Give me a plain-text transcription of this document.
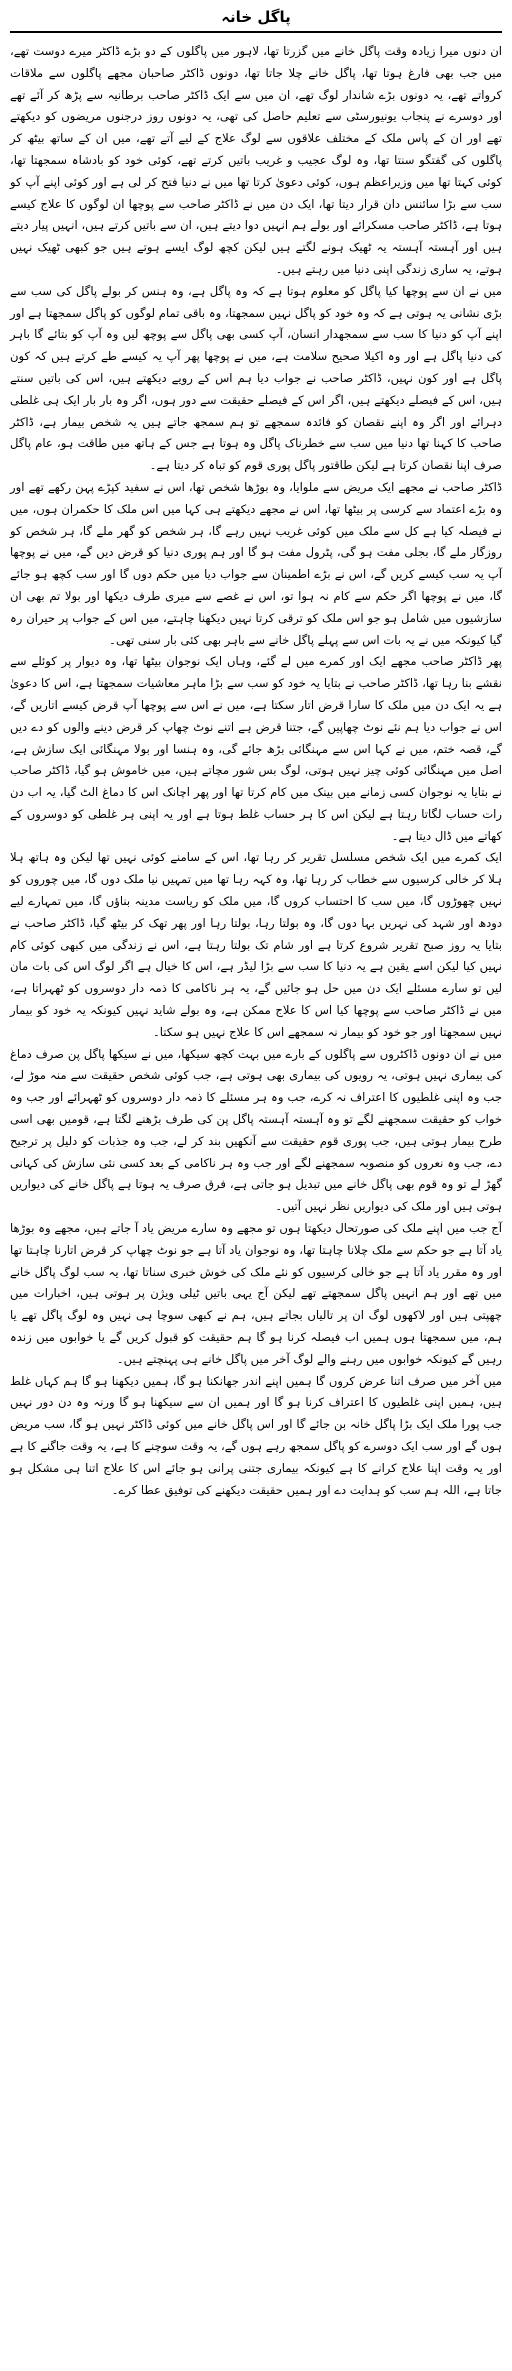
پاگل خانہ

ان دنوں میرا زیادہ وقت پاگل خانے میں گزرتا تھا، لاہور میں پاگلوں کے دو بڑے ڈاکٹر میرے دوست تھے، میں جب بھی فارغ ہوتا تھا، پاگل خانے چلا جاتا تھا، دونوں ڈاکٹر صاحبان مجھے پاگلوں سے ملاقات کرواتے تھے، یہ دونوں بڑے شاندار لوگ تھے، ان میں سے ایک ڈاکٹر صاحب برطانیہ سے پڑھ کر آئے تھے اور دوسرے نے پنجاب یونیورسٹی سے تعلیم حاصل کی تھی، یہ دونوں روز درجنوں مریضوں کو دیکھتے تھے اور ان کے پاس ملک کے مختلف علاقوں سے لوگ علاج کے لیے آتے تھے، میں ان کے ساتھ بیٹھ کر پاگلوں کی گفتگو سنتا تھا، وہ لوگ عجیب و غریب باتیں کرتے تھے، کوئی خود کو بادشاہ سمجھتا تھا، کوئی کہتا تھا میں وزیراعظم ہوں، کوئی دعویٰ کرتا تھا میں نے دنیا فتح کر لی ہے اور کوئی اپنے آپ کو سب سے بڑا سائنس دان قرار دیتا تھا، ایک دن میں نے ڈاکٹر صاحب سے پوچھا ان لوگوں کا علاج کیسے ہوتا ہے، ڈاکٹر صاحب مسکرائے اور بولے ہم انہیں دوا دیتے ہیں، ان سے باتیں کرتے ہیں، انہیں پیار دیتے ہیں اور آہستہ آہستہ یہ ٹھیک ہونے لگتے ہیں لیکن کچھ لوگ ایسے ہوتے ہیں جو کبھی ٹھیک نہیں ہوتے، یہ ساری زندگی اپنی دنیا میں رہتے ہیں۔

میں نے ان سے پوچھا کیا پاگل کو معلوم ہوتا ہے کہ وہ پاگل ہے، وہ ہنس کر بولے پاگل کی سب سے بڑی نشانی یہ ہوتی ہے کہ وہ خود کو پاگل نہیں سمجھتا، وہ باقی تمام لوگوں کو پاگل سمجھتا ہے اور اپنے آپ کو دنیا کا سب سے سمجھدار انسان، آپ کسی بھی پاگل سے پوچھ لیں وہ آپ کو بتائے گا باہر کی دنیا پاگل ہے اور وہ اکیلا صحیح سلامت ہے، میں نے پوچھا پھر آپ یہ کیسے طے کرتے ہیں کہ کون پاگل ہے اور کون نہیں، ڈاکٹر صاحب نے جواب دیا ہم اس کے رویے دیکھتے ہیں، اس کی باتیں سنتے ہیں، اس کے فیصلے دیکھتے ہیں، اگر اس کے فیصلے حقیقت سے دور ہوں، اگر وہ بار بار ایک ہی غلطی دہرائے اور اگر وہ اپنے نقصان کو فائدہ سمجھے تو ہم سمجھ جاتے ہیں یہ شخص بیمار ہے، ڈاکٹر صاحب کا کہنا تھا دنیا میں سب سے خطرناک پاگل وہ ہوتا ہے جس کے ہاتھ میں طاقت ہو، عام پاگل صرف اپنا نقصان کرتا ہے لیکن طاقتور پاگل پوری قوم کو تباہ کر دیتا ہے۔

ڈاکٹر صاحب نے مجھے ایک مریض سے ملوایا، وہ بوڑھا شخص تھا، اس نے سفید کپڑے پہن رکھے تھے اور وہ بڑے اعتماد سے کرسی پر بیٹھا تھا، اس نے مجھے دیکھتے ہی کہا میں اس ملک کا حکمران ہوں، میں نے فیصلہ کیا ہے کل سے ملک میں کوئی غریب نہیں رہے گا، ہر شخص کو گھر ملے گا، ہر شخص کو روزگار ملے گا، بجلی مفت ہو گی، پٹرول مفت ہو گا اور ہم پوری دنیا کو قرض دیں گے، میں نے پوچھا آپ یہ سب کیسے کریں گے، اس نے بڑے اطمینان سے جواب دیا میں حکم دوں گا اور سب کچھ ہو جائے گا، میں نے پوچھا اگر حکم سے کام نہ ہوا تو، اس نے غصے سے میری طرف دیکھا اور بولا تم بھی ان سازشیوں میں شامل ہو جو اس ملک کو ترقی کرتا نہیں دیکھنا چاہتے، میں اس کے جواب پر حیران رہ گیا کیونکہ میں نے یہ بات اس سے پہلے پاگل خانے سے باہر بھی کئی بار سنی تھی۔

پھر ڈاکٹر صاحب مجھے ایک اور کمرے میں لے گئے، وہاں ایک نوجوان بیٹھا تھا، وہ دیوار پر کوئلے سے نقشے بنا رہا تھا، ڈاکٹر صاحب نے بتایا یہ خود کو سب سے بڑا ماہر معاشیات سمجھتا ہے، اس کا دعویٰ ہے یہ ایک دن میں ملک کا سارا قرض اتار سکتا ہے، میں نے اس سے پوچھا آپ قرض کیسے اتاریں گے، اس نے جواب دیا ہم نئے نوٹ چھاپیں گے، جتنا قرض ہے اتنے نوٹ چھاپ کر قرض دینے والوں کو دے دیں گے، قصہ ختم، میں نے کہا اس سے مہنگائی بڑھ جائے گی، وہ ہنسا اور بولا مہنگائی ایک سازش ہے، اصل میں مہنگائی کوئی چیز نہیں ہوتی، لوگ بس شور مچاتے ہیں، میں خاموش ہو گیا، ڈاکٹر صاحب نے بتایا یہ نوجوان کسی زمانے میں بینک میں کام کرتا تھا اور پھر اچانک اس کا دماغ الٹ گیا، یہ اب دن رات حساب لگاتا رہتا ہے لیکن اس کا ہر حساب غلط ہوتا ہے اور یہ اپنی ہر غلطی کو دوسروں کے کھاتے میں ڈال دیتا ہے۔

ایک کمرے میں ایک شخص مسلسل تقریر کر رہا تھا، اس کے سامنے کوئی نہیں تھا لیکن وہ ہاتھ ہلا ہلا کر خالی کرسیوں سے خطاب کر رہا تھا، وہ کہہ رہا تھا میں تمہیں نیا ملک دوں گا، میں چوروں کو نہیں چھوڑوں گا، میں سب کا احتساب کروں گا، میں ملک کو ریاست مدینہ بناؤں گا، میں تمہارے لیے دودھ اور شہد کی نہریں بہا دوں گا، وہ بولتا رہا، بولتا رہا اور پھر تھک کر بیٹھ گیا، ڈاکٹر صاحب نے بتایا یہ روز صبح تقریر شروع کرتا ہے اور شام تک بولتا رہتا ہے، اس نے زندگی میں کبھی کوئی کام نہیں کیا لیکن اسے یقین ہے یہ دنیا کا سب سے بڑا لیڈر ہے، اس کا خیال ہے اگر لوگ اس کی بات مان لیں تو سارے مسئلے ایک دن میں حل ہو جائیں گے، یہ ہر ناکامی کا ذمہ دار دوسروں کو ٹھہراتا ہے، میں نے ڈاکٹر صاحب سے پوچھا کیا اس کا علاج ممکن ہے، وہ بولے شاید نہیں کیونکہ یہ خود کو بیمار نہیں سمجھتا اور جو خود کو بیمار نہ سمجھے اس کا علاج نہیں ہو سکتا۔

میں نے ان دونوں ڈاکٹروں سے پاگلوں کے بارے میں بہت کچھ سیکھا، میں نے سیکھا پاگل پن صرف دماغ کی بیماری نہیں ہوتی، یہ رویوں کی بیماری بھی ہوتی ہے، جب کوئی شخص حقیقت سے منہ موڑ لے، جب وہ اپنی غلطیوں کا اعتراف نہ کرے، جب وہ ہر مسئلے کا ذمہ دار دوسروں کو ٹھہرائے اور جب وہ خواب کو حقیقت سمجھنے لگے تو وہ آہستہ آہستہ پاگل پن کی طرف بڑھنے لگتا ہے، قومیں بھی اسی طرح بیمار ہوتی ہیں، جب پوری قوم حقیقت سے آنکھیں بند کر لے، جب وہ جذبات کو دلیل پر ترجیح دے، جب وہ نعروں کو منصوبہ سمجھنے لگے اور جب وہ ہر ناکامی کے بعد کسی نئی سازش کی کہانی گھڑ لے تو وہ قوم بھی پاگل خانے میں تبدیل ہو جاتی ہے، فرق صرف یہ ہوتا ہے پاگل خانے کی دیواریں ہوتی ہیں اور ملک کی دیواریں نظر نہیں آتیں۔

آج جب میں اپنے ملک کی صورتحال دیکھتا ہوں تو مجھے وہ سارے مریض یاد آ جاتے ہیں، مجھے وہ بوڑھا یاد آتا ہے جو حکم سے ملک چلانا چاہتا تھا، وہ نوجوان یاد آتا ہے جو نوٹ چھاپ کر قرض اتارنا چاہتا تھا اور وہ مقرر یاد آتا ہے جو خالی کرسیوں کو نئے ملک کی خوش خبری سناتا تھا، یہ سب لوگ پاگل خانے میں تھے اور ہم انہیں پاگل سمجھتے تھے لیکن آج یہی باتیں ٹیلی ویژن پر ہوتی ہیں، اخبارات میں چھپتی ہیں اور لاکھوں لوگ ان پر تالیاں بجاتے ہیں، ہم نے کبھی سوچا ہی نہیں وہ لوگ پاگل تھے یا ہم، میں سمجھتا ہوں ہمیں اب فیصلہ کرنا ہو گا ہم حقیقت کو قبول کریں گے یا خوابوں میں زندہ رہیں گے کیونکہ خوابوں میں رہنے والے لوگ آخر میں پاگل خانے ہی پہنچتے ہیں۔

میں آخر میں صرف اتنا عرض کروں گا ہمیں اپنے اندر جھانکنا ہو گا، ہمیں دیکھنا ہو گا ہم کہاں غلط ہیں، ہمیں اپنی غلطیوں کا اعتراف کرنا ہو گا اور ہمیں ان سے سیکھنا ہو گا ورنہ وہ دن دور نہیں جب پورا ملک ایک بڑا پاگل خانہ بن جائے گا اور اس پاگل خانے میں کوئی ڈاکٹر نہیں ہو گا، سب مریض ہوں گے اور سب ایک دوسرے کو پاگل سمجھ رہے ہوں گے، یہ وقت سوچنے کا ہے، یہ وقت جاگنے کا ہے اور یہ وقت اپنا علاج کرانے کا ہے کیونکہ بیماری جتنی پرانی ہو جائے اس کا علاج اتنا ہی مشکل ہو جاتا ہے، اللہ ہم سب کو ہدایت دے اور ہمیں حقیقت دیکھنے کی توفیق عطا کرے۔
